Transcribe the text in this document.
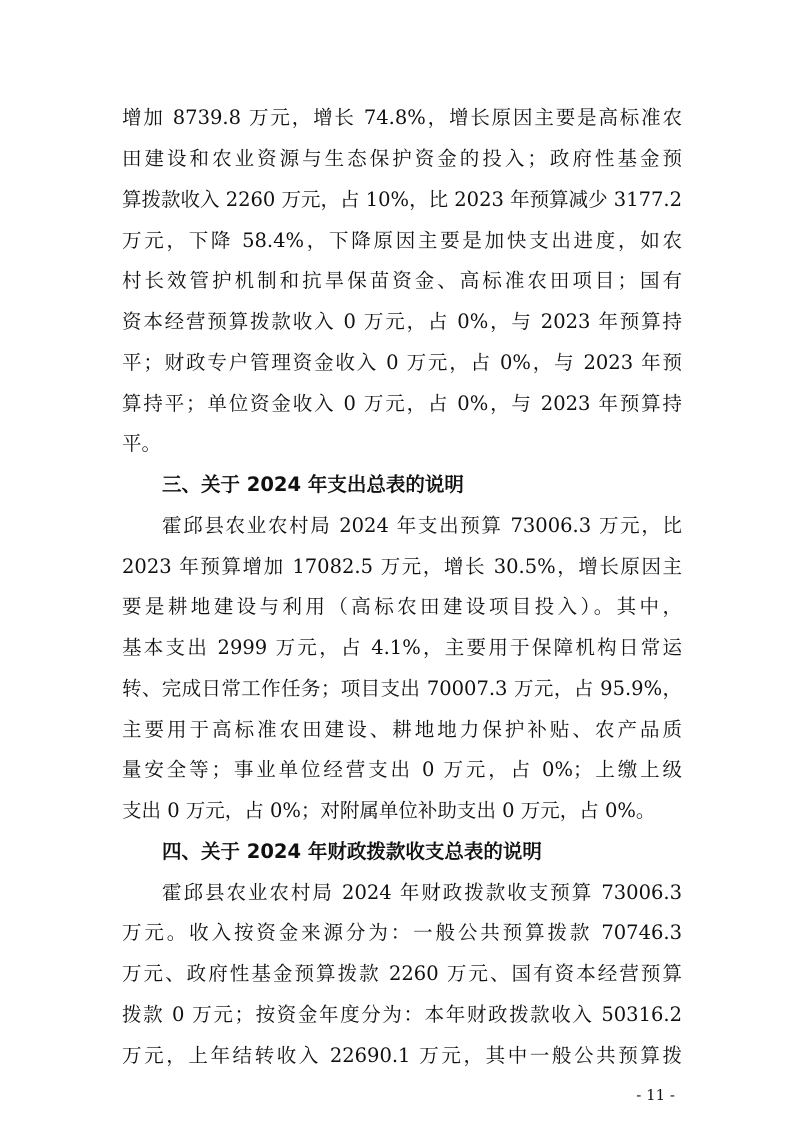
增加 8739.8 万元，增长 74.8%，增长原因主要是高标准农
田建设和农业资源与生态保护资金的投入；政府性基金预
算拨款收入 2260 万元，占 10%，比 2023 年预算减少 3177.2
万元，下降 58.4%，下降原因主要是加快支出进度，如农
村长效管护机制和抗旱保苗资金、高标准农田项目；国有
资本经营预算拨款收入 0 万元，占 0%，与 2023 年预算持
平；财政专户管理资金收入 0 万元，占 0%，与 2023 年预
算持平；单位资金收入 0 万元，占 0%，与 2023 年预算持
平。
三、关于 2024 年支出总表的说明
霍邱县农业农村局 2024 年支出预算 73006.3 万元，比
2023 年预算增加 17082.5 万元，增长 30.5%，增长原因主
要是耕地建设与利用（高标农田建设项目投入）。其中，
基本支出 2999 万元，占 4.1%，主要用于保障机构日常运
转、完成日常工作任务；项目支出 70007.3 万元，占 95.9%，
主要用于高标准农田建设、耕地地力保护补贴、农产品质
量安全等；事业单位经营支出 0 万元，占 0%；上缴上级
支出 0 万元，占 0%；对附属单位补助支出 0 万元，占 0%。
四、关于 2024 年财政拨款收支总表的说明
霍邱县农业农村局 2024 年财政拨款收支预算 73006.3
万元。收入按资金来源分为：一般公共预算拨款 70746.3
万元、政府性基金预算拨款 2260 万元、国有资本经营预算
拨款 0 万元；按资金年度分为：本年财政拨款收入 50316.2
万元，上年结转收入 22690.1 万元，其中一般公共预算拨
- 11 -
